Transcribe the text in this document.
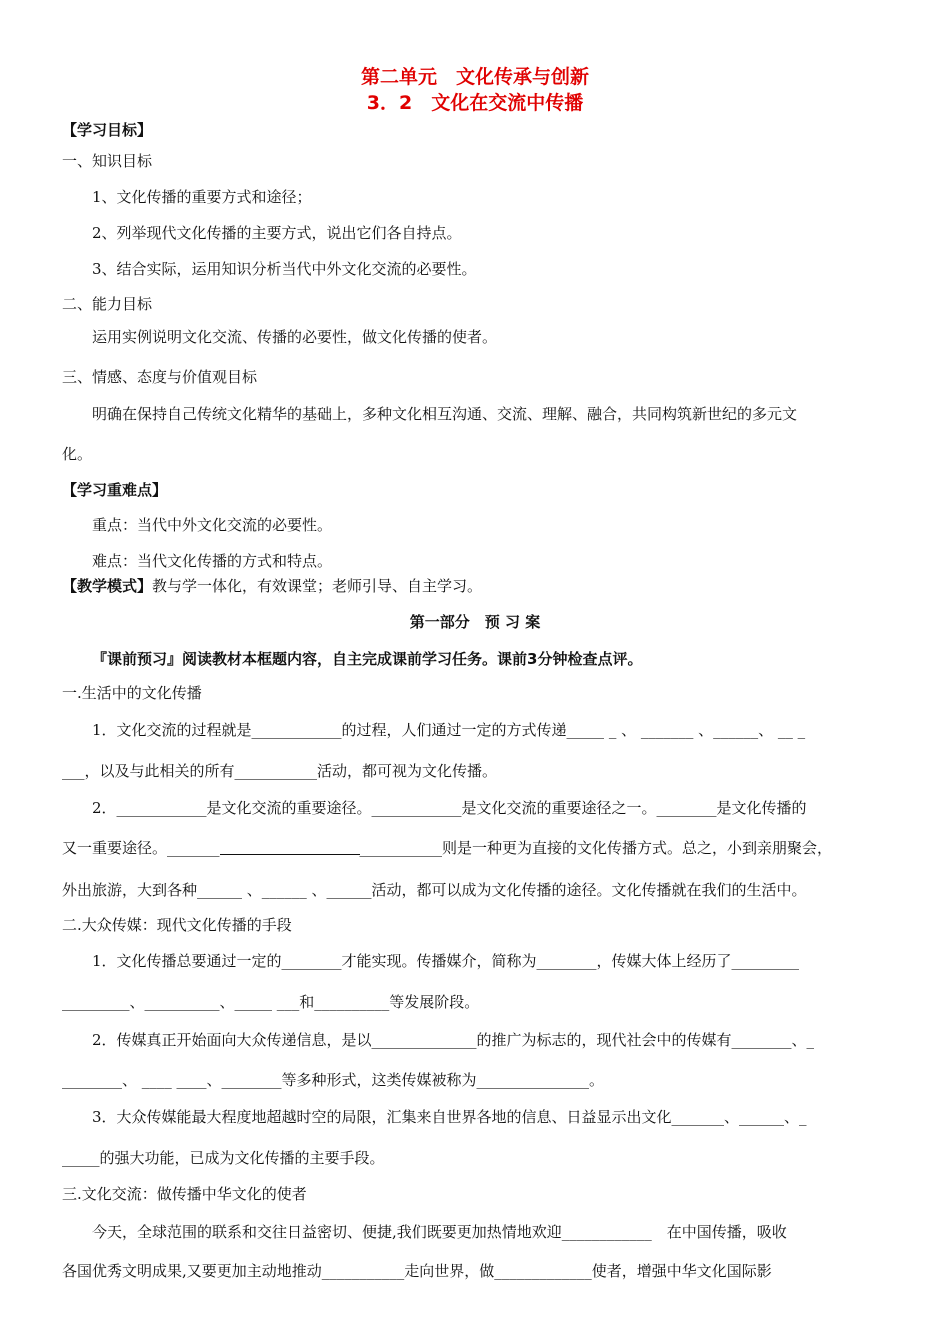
第二单元　文化传承与创新
3．2　文化在交流中传播
【学习目标】
一、知识目标
1、文化传播的重要方式和途径；
2、列举现代文化传播的主要方式，说出它们各自持点。
3、结合实际，运用知识分析当代中外文化交流的必要性。
二、能力目标
运用实例说明文化交流、传播的必要性，做文化传播的使者。
三、情感、态度与价值观目标
明确在保持自己传统文化精华的基础上，多种文化相互沟通、交流、理解、融合，共同构筑新世纪的多元文
化。
【学习重难点】
重点：当代中外文化交流的必要性。
难点：当代文化传播的方式和特点。
【教学模式】教与学一体化，有效课堂；老师引导、自主学习。
第一部分　预 习 案
『课前预习』阅读教材本框题内容，自主完成课前学习任务。课前3分钟检查点评。
一.生活中的文化传播
1．文化交流的过程就是____________的过程，人们通过一定的方式传递_____ _ 、 _______ 、______、 __ _
___，以及与此相关的所有___________活动，都可视为文化传播。
2．____________是文化交流的重要途径。____________是文化交流的重要途径之一。________是文化传播的
又一重要途径。_______	___________则是一种更为直接的文化传播方式。总之，小到亲朋聚会，
外出旅游，大到各种______ 、______ 、______活动，都可以成为文化传播的途径。文化传播就在我们的生活中。
二.大众传媒：现代文化传播的手段
1．文化传播总要通过一定的________才能实现。传播媒介，简称为________，传媒大体上经历了_________
_________、__________、_____ ___和__________等发展阶段。
2．传媒真正开始面向大众传递信息，是以______________的推广为标志的，现代社会中的传媒有________、_
________、 ____ ____、________等多种形式，这类传媒被称为_______________。
3．大众传媒能最大程度地超越时空的局限，汇集来自世界各地的信息、日益显示出文化_______、______、_
_____的强大功能，已成为文化传播的主要手段。
三.文化交流：做传播中华文化的使者
今天，全球范围的联系和交往日益密切、便捷,我们既要更加热情地欢迎____________　在中国传播，吸收
各国优秀文明成果,又要更加主动地推动___________走向世界，做_____________使者，增强中华文化国际影
